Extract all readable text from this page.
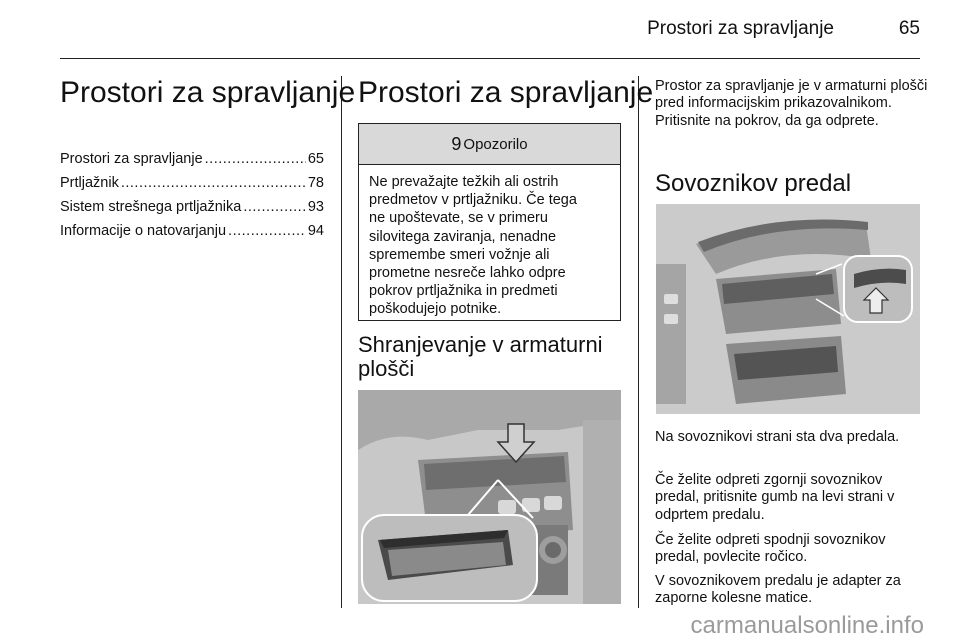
Prostori za spravljanje	65
Prostori za spravljanje
Prostori za spravljanje .....	65
Prtljažnik .....	78
Sistem strešnega prtljažnika .....	93
Informacije o natovarjanju .....	94
Prostori za spravljanje
9 Opozorilo
Ne prevažajte težkih ali ostrih
predmetov v prtljažniku. Če tega
ne upoštevate, se v primeru
silovitega zaviranja, nenadne
spremembe smeri vožnje ali
prometne nesreče lahko odpre
pokrov prtljažnika in predmeti
poškodujejo potnike.
Shranjevanje v armaturni plošči
Prostor za spravljanje je v armaturni plošči pred informacijskim prikazovalnikom. Pritisnite na pokrov, da ga odprete.
Sovoznikov predal
Na sovoznikovi strani sta dva predala.
Če želite odpreti zgornji sovoznikov predal, pritisnite gumb na levi strani v odprtem predalu.
Če želite odpreti spodnji sovoznikov predal, povlecite ročico.
V sovoznikovem predalu je adapter za zaporne kolesne matice.
carmanualsonline.info
